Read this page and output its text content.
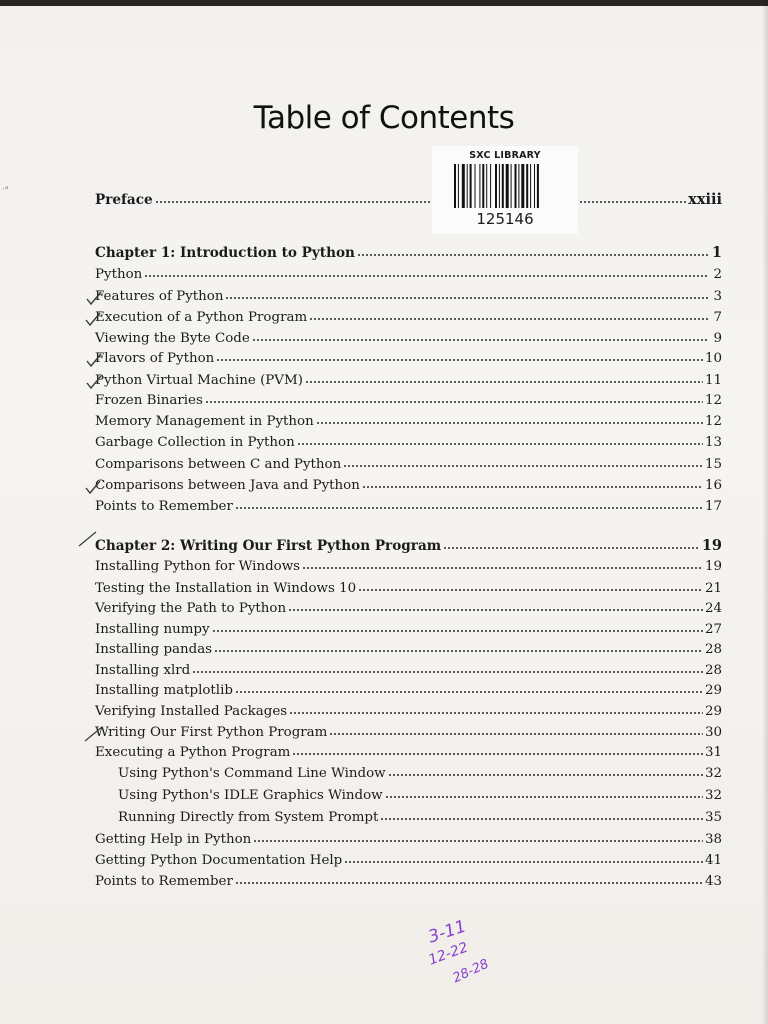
·ᵃ
Table of Contents
Preface	xxiii
SXC LIBRARY
125146
Chapter 1: Introduction to Python	1
Python	2
Features of Python	3
Execution of a Python Program	7
Viewing the Byte Code	9
Flavors of Python	10
Python Virtual Machine (PVM)	11
Frozen Binaries	12
Memory Management in Python	12
Garbage Collection in Python	13
Comparisons between C and Python	15
Comparisons between Java and Python	16
Points to Remember	17
Chapter 2: Writing Our First Python Program	19
Installing Python for Windows	19
Testing the Installation in Windows 10	21
Verifying the Path to Python	24
Installing numpy	27
Installing pandas	28
Installing xlrd	28
Installing matplotlib	29
Verifying Installed Packages	29
Writing Our First Python Program	30
Executing a Python Program	31
Using Python's Command Line Window	32
Using Python's IDLE Graphics Window	32
Running Directly from System Prompt	35
Getting Help in Python	38
Getting Python Documentation Help	41
Points to Remember	43
3-11
12-22
28-28
